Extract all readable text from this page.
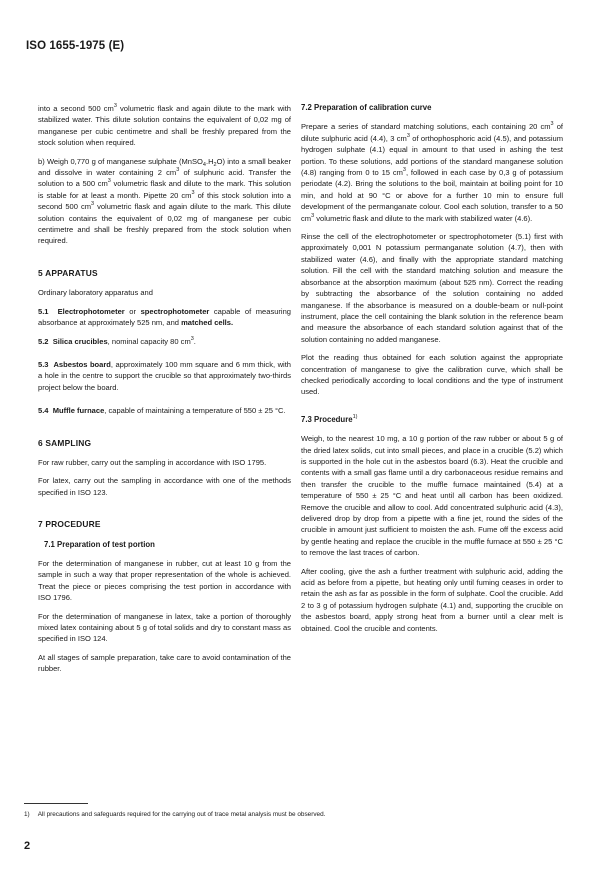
ISO 1655-1975 (E)

into a second 500 $cm^3$ volumetric flask and again dilute to the mark with stabilized water. This dilute solution contains the equivalent of 0,02 mg of manganese per cubic centimetre and shall be freshly prepared from the stock solution when required.

b) Weigh 0,770 g of manganese sulphate $(MnSO_4.H_2O)$ into a small beaker and dissolve in water containing 2 $cm^3$ of sulphuric acid. Transfer the solution to a 500 $cm^3$ volumetric flask and dilute to the mark. This solution is stable for at least a month. Pipette 20 $cm^3$ of this stock solution into a second 500 $cm^3$ volumetric flask and again dilute to the mark. This dilute solution contains the equivalent of 0,02 mg of manganese per cubic centimetre and shall be freshly prepared from the stock solution when required.

5 APPARATUS

Ordinary laboratory apparatus and

5.1 Electrophotometer or spectrophotometer capable of measuring absorbance at approximately 525 nm, and matched cells.

5.2 Silica crucibles, nominal capacity 80 $cm^3$.

5.3 Asbestos board, approximately 100 mm square and 6 mm thick, with a hole in the centre to support the crucible so that approximately two-thirds project below the board.

5.4 Muffle furnace, capable of maintaining a temperature of 550 ± 25 °C.

6 SAMPLING

For raw rubber, carry out the sampling in accordance with ISO 1795.

For latex, carry out the sampling in accordance with one of the methods specified in ISO 123.

7 PROCEDURE
7.1 Preparation of test portion

For the determination of manganese in rubber, cut at least 10 g from the sample in such a way that proper representation of the whole is achieved. Treat the piece or pieces comprising the test portion in accordance with ISO 1796.

For the determination of manganese in latex, take a portion of thoroughly mixed latex containing about 5 g of total solids and dry to constant mass as specified in ISO 124.

At all stages of sample preparation, take care to avoid contamination of the rubber.

7.2 Preparation of calibration curve

Prepare a series of standard matching solutions, each containing 20 $cm^3$ of dilute sulphuric acid (4.4), 3 $cm^3$ of orthophosphoric acid (4.5), and potassium hydrogen sulphate (4.1) equal in amount to that used in ashing the test portion. To these solutions, add portions of the standard manganese solution (4.8) ranging from 0 to 15 $cm^3$, followed in each case by 0,3 g of potassium periodate (4.2). Bring the solutions to the boil, maintain at boiling point for 10 min, and hold at 90 °C or above for a further 10 min to ensure full development of the permanganate colour. Cool each solution, transfer to a 50 $cm^3$ volumetric flask and dilute to the mark with stabilized water (4.6).

Rinse the cell of the electrophotometer or spectrophotometer (5.1) first with approximately 0,001 N potassium permanganate solution (4.7), then with stabilized water (4.6), and finally with the appropriate standard matching solution. Fill the cell with the standard matching solution and measure the absorbance at the absorption maximum (about 525 nm). Correct the reading by subtracting the absorbance of the solution containing no added manganese. If the absorbance is measured on a double-beam or null-point instrument, place the cell containing the blank solution in the reference beam and measure the absorbance of each standard solution against that of the solution containing no added manganese.

Plot the reading thus obtained for each solution against the appropriate concentration of manganese to give the calibration curve, which shall be checked periodically according to local conditions and the type of instrument used.

7.3 Procedure$^{1)}$

Weigh, to the nearest 10 mg, a 10 g portion of the raw rubber or about 5 g of the dried latex solids, cut into small pieces, and place in a crucible (5.2) which is supported in the hole cut in the asbestos board (6.3). Heat the crucible and contents with a small gas flame until a dry carbonaceous residue remains and then transfer the crucible to the muffle furnace maintained (5.4) at a temperature of 550 ± 25 °C and heat until all carbon has been oxidized. Remove the crucible and allow to cool. Add concentrated sulphuric acid (4.3), delivered drop by drop from a pipette with a fine jet, round the sides of the crucible in amount just sufficient to moisten the ash. Fume off the excess acid by gentle heating and replace the crucible in the muffle furnace at 550 ± 25 °C to remove the last traces of carbon.

After cooling, give the ash a further treatment with sulphuric acid, adding the acid as before from a pipette, but heating only until fuming ceases in order to retain the ash as far as possible in the form of sulphate. Cool the crucible. Add 2 to 3 g of potassium hydrogen sulphate (4.1) and, supporting the crucible on the asbestos board, apply strong heat from a burner until a clear melt is obtained. Cool the crucible and contents.

1) All precautions and safeguards required for the carrying out of trace metal analysis must be observed.
2
